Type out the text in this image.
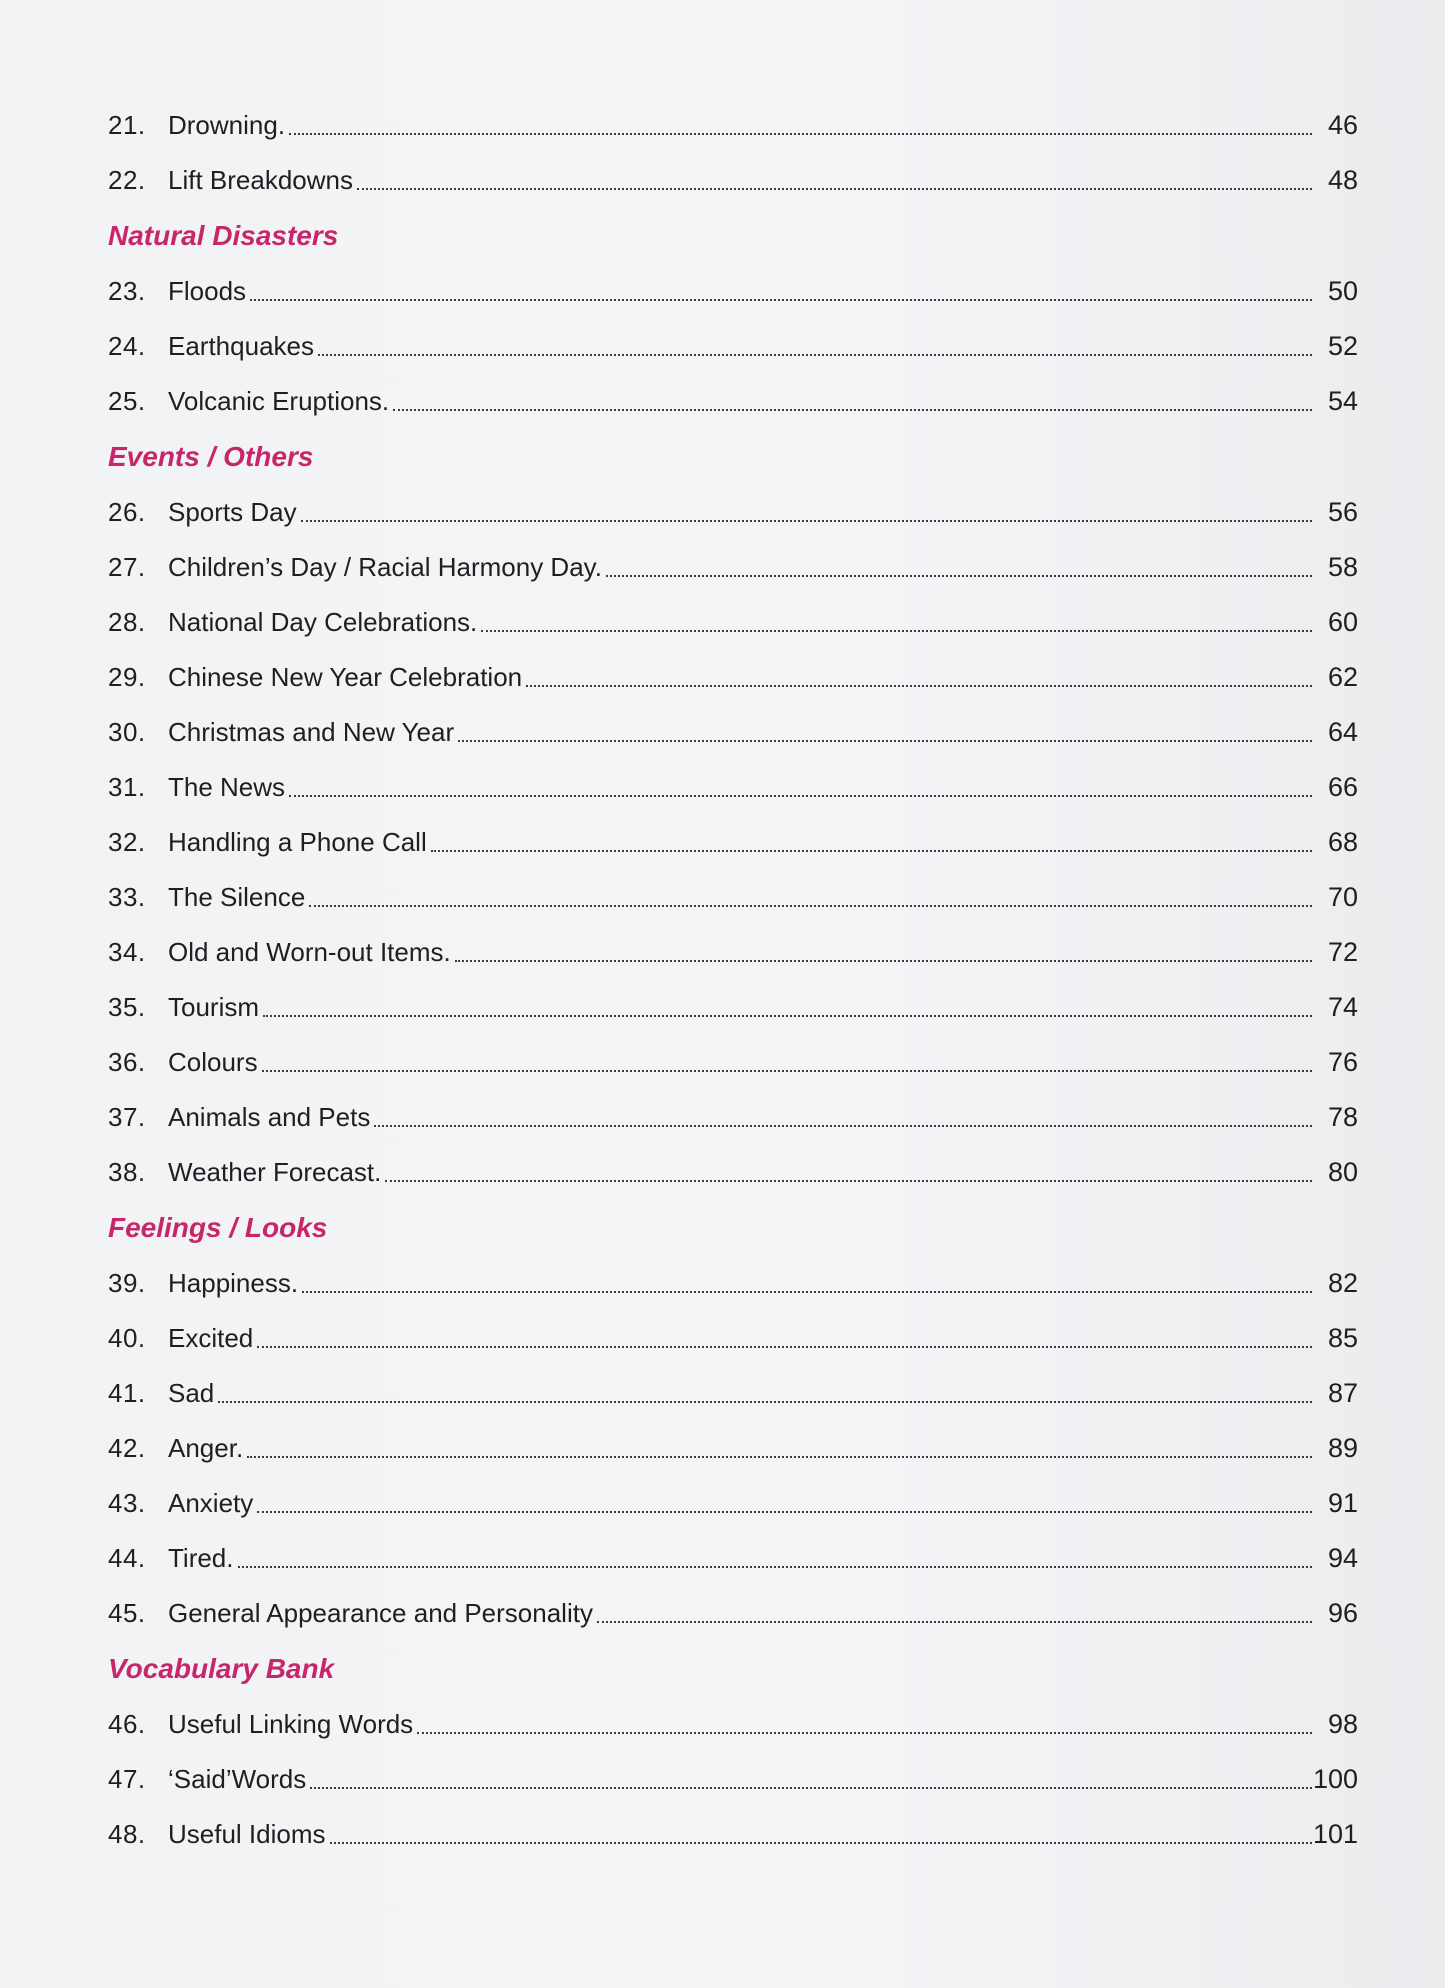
21. Drowning.	46
22. Lift Breakdowns	48
Natural Disasters
23. Floods	50
24. Earthquakes	52
25. Volcanic Eruptions.	54
Events / Others
26. Sports Day	56
27. Children’s Day / Racial Harmony Day.	58
28. National Day Celebrations.	60
29. Chinese New Year Celebration	62
30. Christmas and New Year	64
31. The News	66
32. Handling a Phone Call	68
33. The Silence	70
34. Old and Worn-out Items.	72
35. Tourism	74
36. Colours	76
37. Animals and Pets	78
38. Weather Forecast.	80
Feelings / Looks
39. Happiness.	82
40. Excited	85
41. Sad	87
42. Anger.	89
43. Anxiety	91
44. Tired.	94
45. General Appearance and Personality	96
Vocabulary Bank
46. Useful Linking Words	98
47. ‘Said’Words	100
48. Useful Idioms	101
